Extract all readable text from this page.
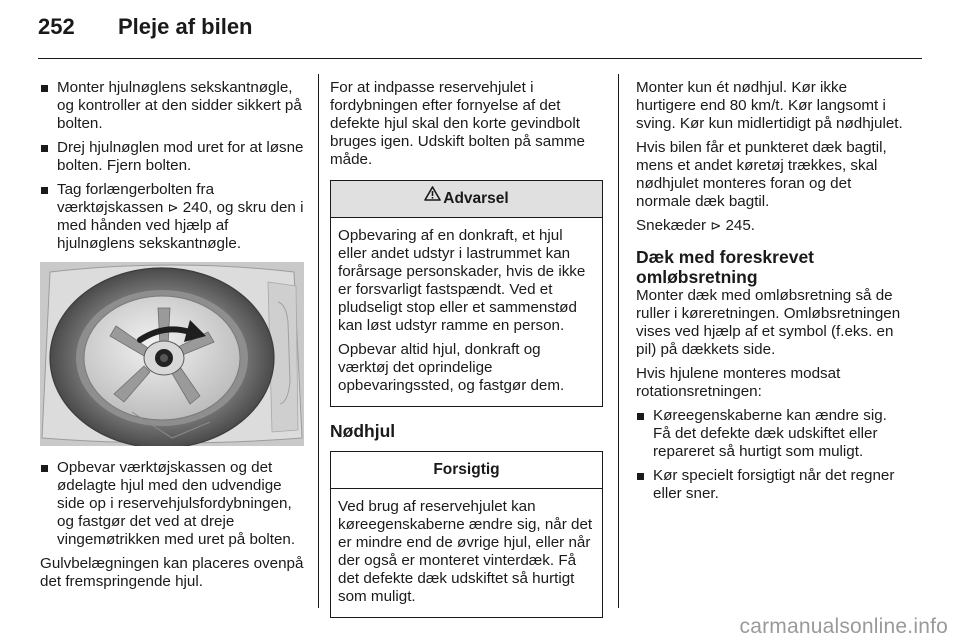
252 Pleje af bilen

Monter hjulnøglens sekskantnøgle, og kontroller at den sidder sikkert på bolten.

Drej hjulnøglen mod uret for at løsne bolten. Fjern bolten.

Tag forlængerbolten fra værktøjskassen ⊳ 240, og skru den i med hånden ved hjælp af hjulnøglens sekskantnøgle.

Opbevar værktøjskassen og det ødelagte hjul med den udvendige side op i reservehjulsfordybningen, og fastgør det ved at dreje vingemøtrikken med uret på bolten.

Gulvbelægningen kan placeres ovenpå det fremspringende hjul.

For at indpasse reservehjulet i fordybningen efter fornyelse af det defekte hjul skal den korte gevindbolt bruges igen. Udskift bolten på samme måde.

Advarsel

Opbevaring af en donkraft, et hjul eller andet udstyr i lastrummet kan forårsage personskader, hvis de ikke er forsvarligt fastspændt. Ved et pludseligt stop eller et sammenstød kan løst udstyr ramme en person.

Opbevar altid hjul, donkraft og værktøj det oprindelige opbevaringssted, og fastgør dem.

Nødhjul
Forsigtig

Ved brug af reservehjulet kan køreegenskaberne ændre sig, når det er mindre end de øvrige hjul, eller når der også er monteret vinterdæk. Få det defekte dæk udskiftet så hurtigt som muligt.

Monter kun ét nødhjul. Kør ikke hurtigere end 80 km/t. Kør langsomt i sving. Kør kun midlertidigt på nødhjulet.

Hvis bilen får et punkteret dæk bagtil, mens et andet køretøj trækkes, skal nødhjulet monteres foran og det normale dæk bagtil.

Snekæder ⊳ 245.

Dæk med foreskrevet omløbsretning

Monter dæk med omløbsretning så de ruller i køreretningen. Omløbsretningen vises ved hjælp af et symbol (f.eks. en pil) på dækkets side.

Hvis hjulene monteres modsat rotationsretningen:

Køreegenskaberne kan ændre sig. Få det defekte dæk udskiftet eller repareret så hurtigt som muligt.

Kør specielt forsigtigt når det regner eller sner.

carmanualsonline.info
